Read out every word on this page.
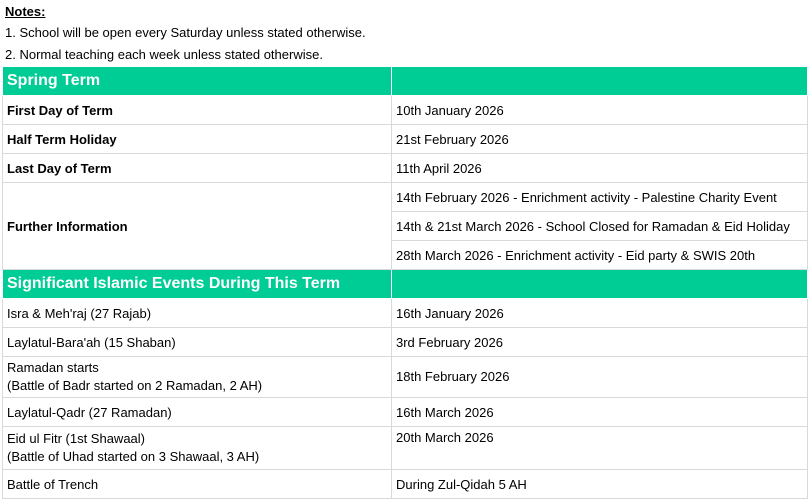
Notes:
1. School will be open every Saturday unless stated otherwise.
2. Normal teaching each week unless stated otherwise.
Spring Term	
First Day of Term	10th January 2026
Half Term Holiday	21st February 2026
Last Day of Term	11th April 2026
Further Information	14th February 2026 - Enrichment activity - Palestine Charity Event
	14th & 21st March 2026 - School Closed for Ramadan & Eid Holiday
	28th March 2026 - Enrichment activity - Eid party & SWIS 20th
Significant Islamic Events During This Term	
Isra & Meh'raj (27 Rajab)	16th January 2026
Laylatul-Bara'ah (15 Shaban)	3rd February 2026

Ramadan starts
(Battle of Badr started on 2 Ramadan, 2 AH)	18th February 2026
Laylatul-Qadr (27 Ramadan)	16th March 2026

Eid ul Fitr (1st Shawaal)
(Battle of Uhad started on 3 Shawaal, 3 AH)	20th March 2026
Battle of Trench	During Zul-Qidah 5 AH
